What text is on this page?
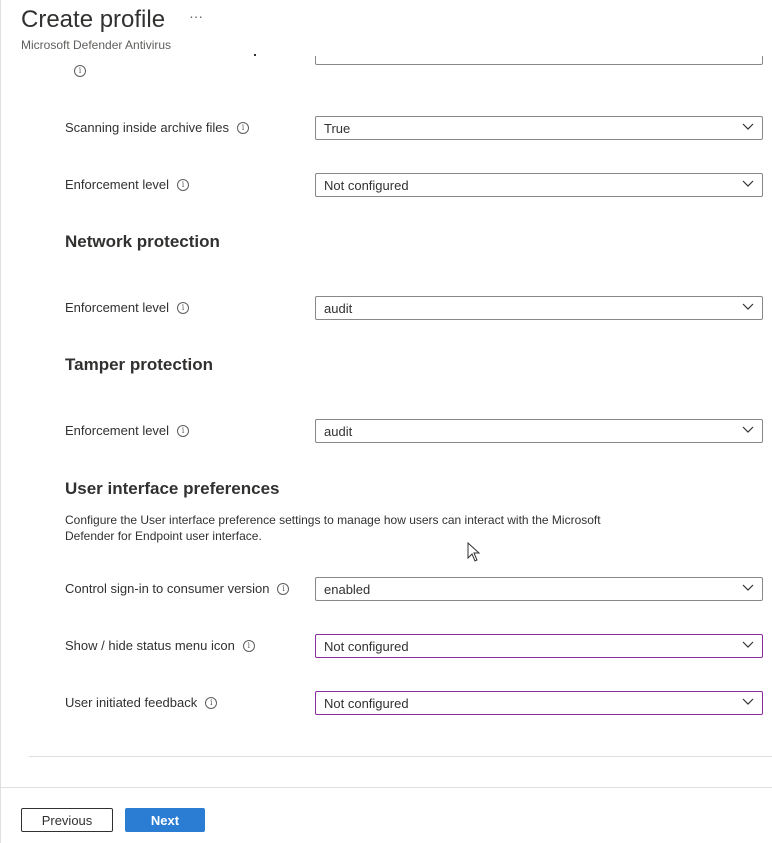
Create profile ···
Microsoft Defender Antivirus
i
Scanning inside archive files	i	True
Enforcement level	i	Not configured
Network protection
Enforcement level	i	audit
Tamper protection
Enforcement level	i	audit
User interface preferences
Configure the User interface preference settings to manage how users can interact with the Microsoft Defender for Endpoint user interface.
Control sign-in to consumer version	i	enabled
Show / hide status menu icon	i	Not configured
User initiated feedback	i	Not configured
Previous	Next
